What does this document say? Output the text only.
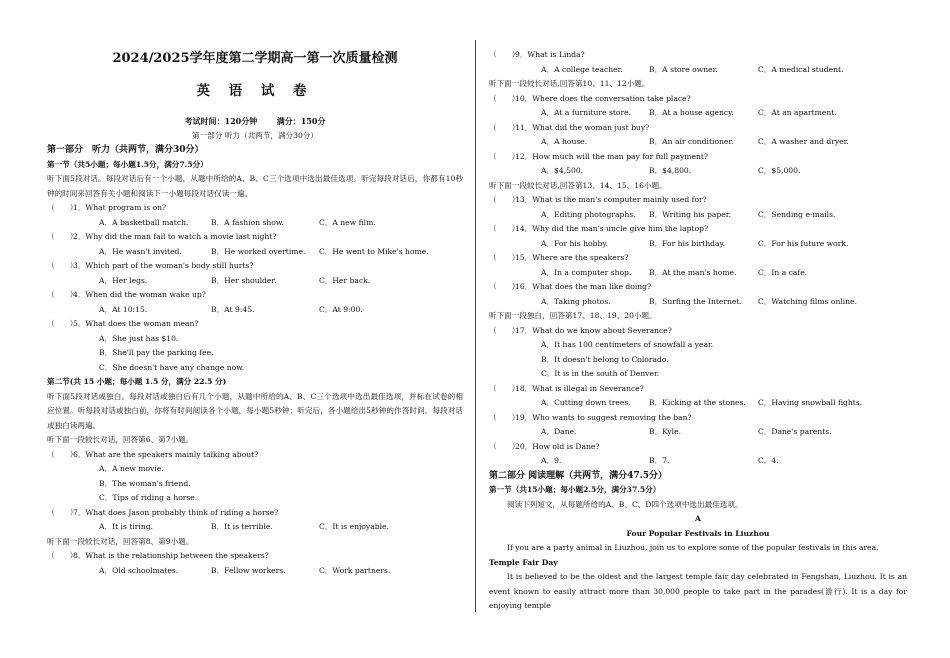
2024/2025学年度第二学期高一第一次质量检测
英 语 试 卷
考试时间：120分钟 满分：150分
第一部分 听力（共两节，满分30分）
第一部分　听力（共两节，满分30分）
第一节（共5小题；每小题1.5分，满分7.5分）
听下面5段对话。每段对话后有一个小题，从题中所给的A、B、C三个选项中选出最佳选项。听完每段对话后，你都有10秒钟的时间来回答有关小题和阅读下一小题每段对话仅读一遍。
（　　）
1．What program is on?
A．A basketball match.	B．A fashion show.	C．A new film.
（　　）
2．Why did the man fail to watch a movie last night?
A．He wasn't invited.	B．He worked overtime.	C．He went to Mike's home.
（　　）
3．Which part of the woman's body still hurts?
A．Her legs.	B．Her shoulder.	C．Her back.
（　　）
4．When did the woman wake up?
A．At 10:15.	B．At 9:45.	C．At 9:00.
（　　）
5．What does the woman mean?
A．She just has $10.
B．She'll pay the parking fee.
C．She doesn't have any change now.
第二节(共 15 小题；每小题 1.5 分，满分 22.5 分)
听下面5段对话或独白。每段对话或独白后有几个小题，从题中所给的A、B、C三个选项中选出最佳选项，并标在试卷的相应位置。听每段对话或独白前，你将有时间阅读各个小题，每小题5秒钟；听完后，各小题给出5秒钟的作答时间。每段对话或独白读两遍。
听下面一段较长对话，回答第6、第7小题。
（　　）
6．What are the speakers mainly talking about?
A．A new movie.
B．The woman's friend.
C．Tips of riding a horse.
（　　）
7．What does Jason probably think of riding a horse?
A．It is tiring.	B．It is terrible.	C．It is enjoyable.
听下面一段较长对话，回答第8、第9小题。
（　　）
8．What is the relationship between the speakers?
A．Old schoolmates.	B．Fellow workers.	C．Work partners.
（　　）
9．What is Linda?
A．A college teacher.	B．A store owner.	C．A medical student.
听下面一段较长对话,回答第10、11、12小题。
（　　）
10．Where does the conversation take place?
A．At a furniture store.	B．At a house agency.	C．At an apartment.
（　　）
11．What did the woman just buy?
A．A house.	B．An air conditioner.	C．A washer and dryer.
（　　）
12．How much will the man pay for full payment?
A．$4,500.	B．$4,800.	C．$5,000.
听下面一段较长对话,回答第13、14、15、16小题。
（　　）
13．What is the man's computer mainly used for?
A．Editing photographs.	B．Writing his paper.	C．Sending e-mails.
（　　）
14．Why did the man's uncle give him the laptop?
A．For his hobby.	B．For his birthday.	C．For his future work.
（　　）
15．Where are the speakers?
A．In a computer shop.	B．At the man's home.	C．In a cafe.
（　　）
16．What does the man like doing?
A．Taking photos.	B．Surfing the Internet.	C．Watching films online.
听下面一段独白，回答第17、18、19、20小题。
（　　）
17．What do we know about Severance?
A．It has 100 centimeters of snowfall a year.
B．It doesn't belong to Colorado.
C．It is in the south of Denver.
（　　）
18．What is illegal in Severance?
A．Cutting down trees.	B．Kicking at the stones.	C．Having snowball fights.
（　　）
19．Who wants to suggest removing the ban?
A．Dane.	B．Kyle.	C．Dane's parents.
（　　）
20．How old is Dane?
A．9.	B．7.	C．4.
第二部分 阅读理解（共两节，满分47.5分）
第一节（共15小题；每小题2.5分，满分37.5分）
阅读下列短文，从每题所给的A、B、C、D四个选项中选出最佳选项。
A
Four Popular Festivals in Liuzhou
If you are a party animal in Liuzhou, join us to explore some of the popular festivals in this area.
Temple Fair Day
It is believed to be the oldest and the largest temple fair day celebrated in Fengshan, Liuzhou. It is an event known to easily attract more than 30,000 people to take part in the parades(游行). It is a day for enjoying temple
